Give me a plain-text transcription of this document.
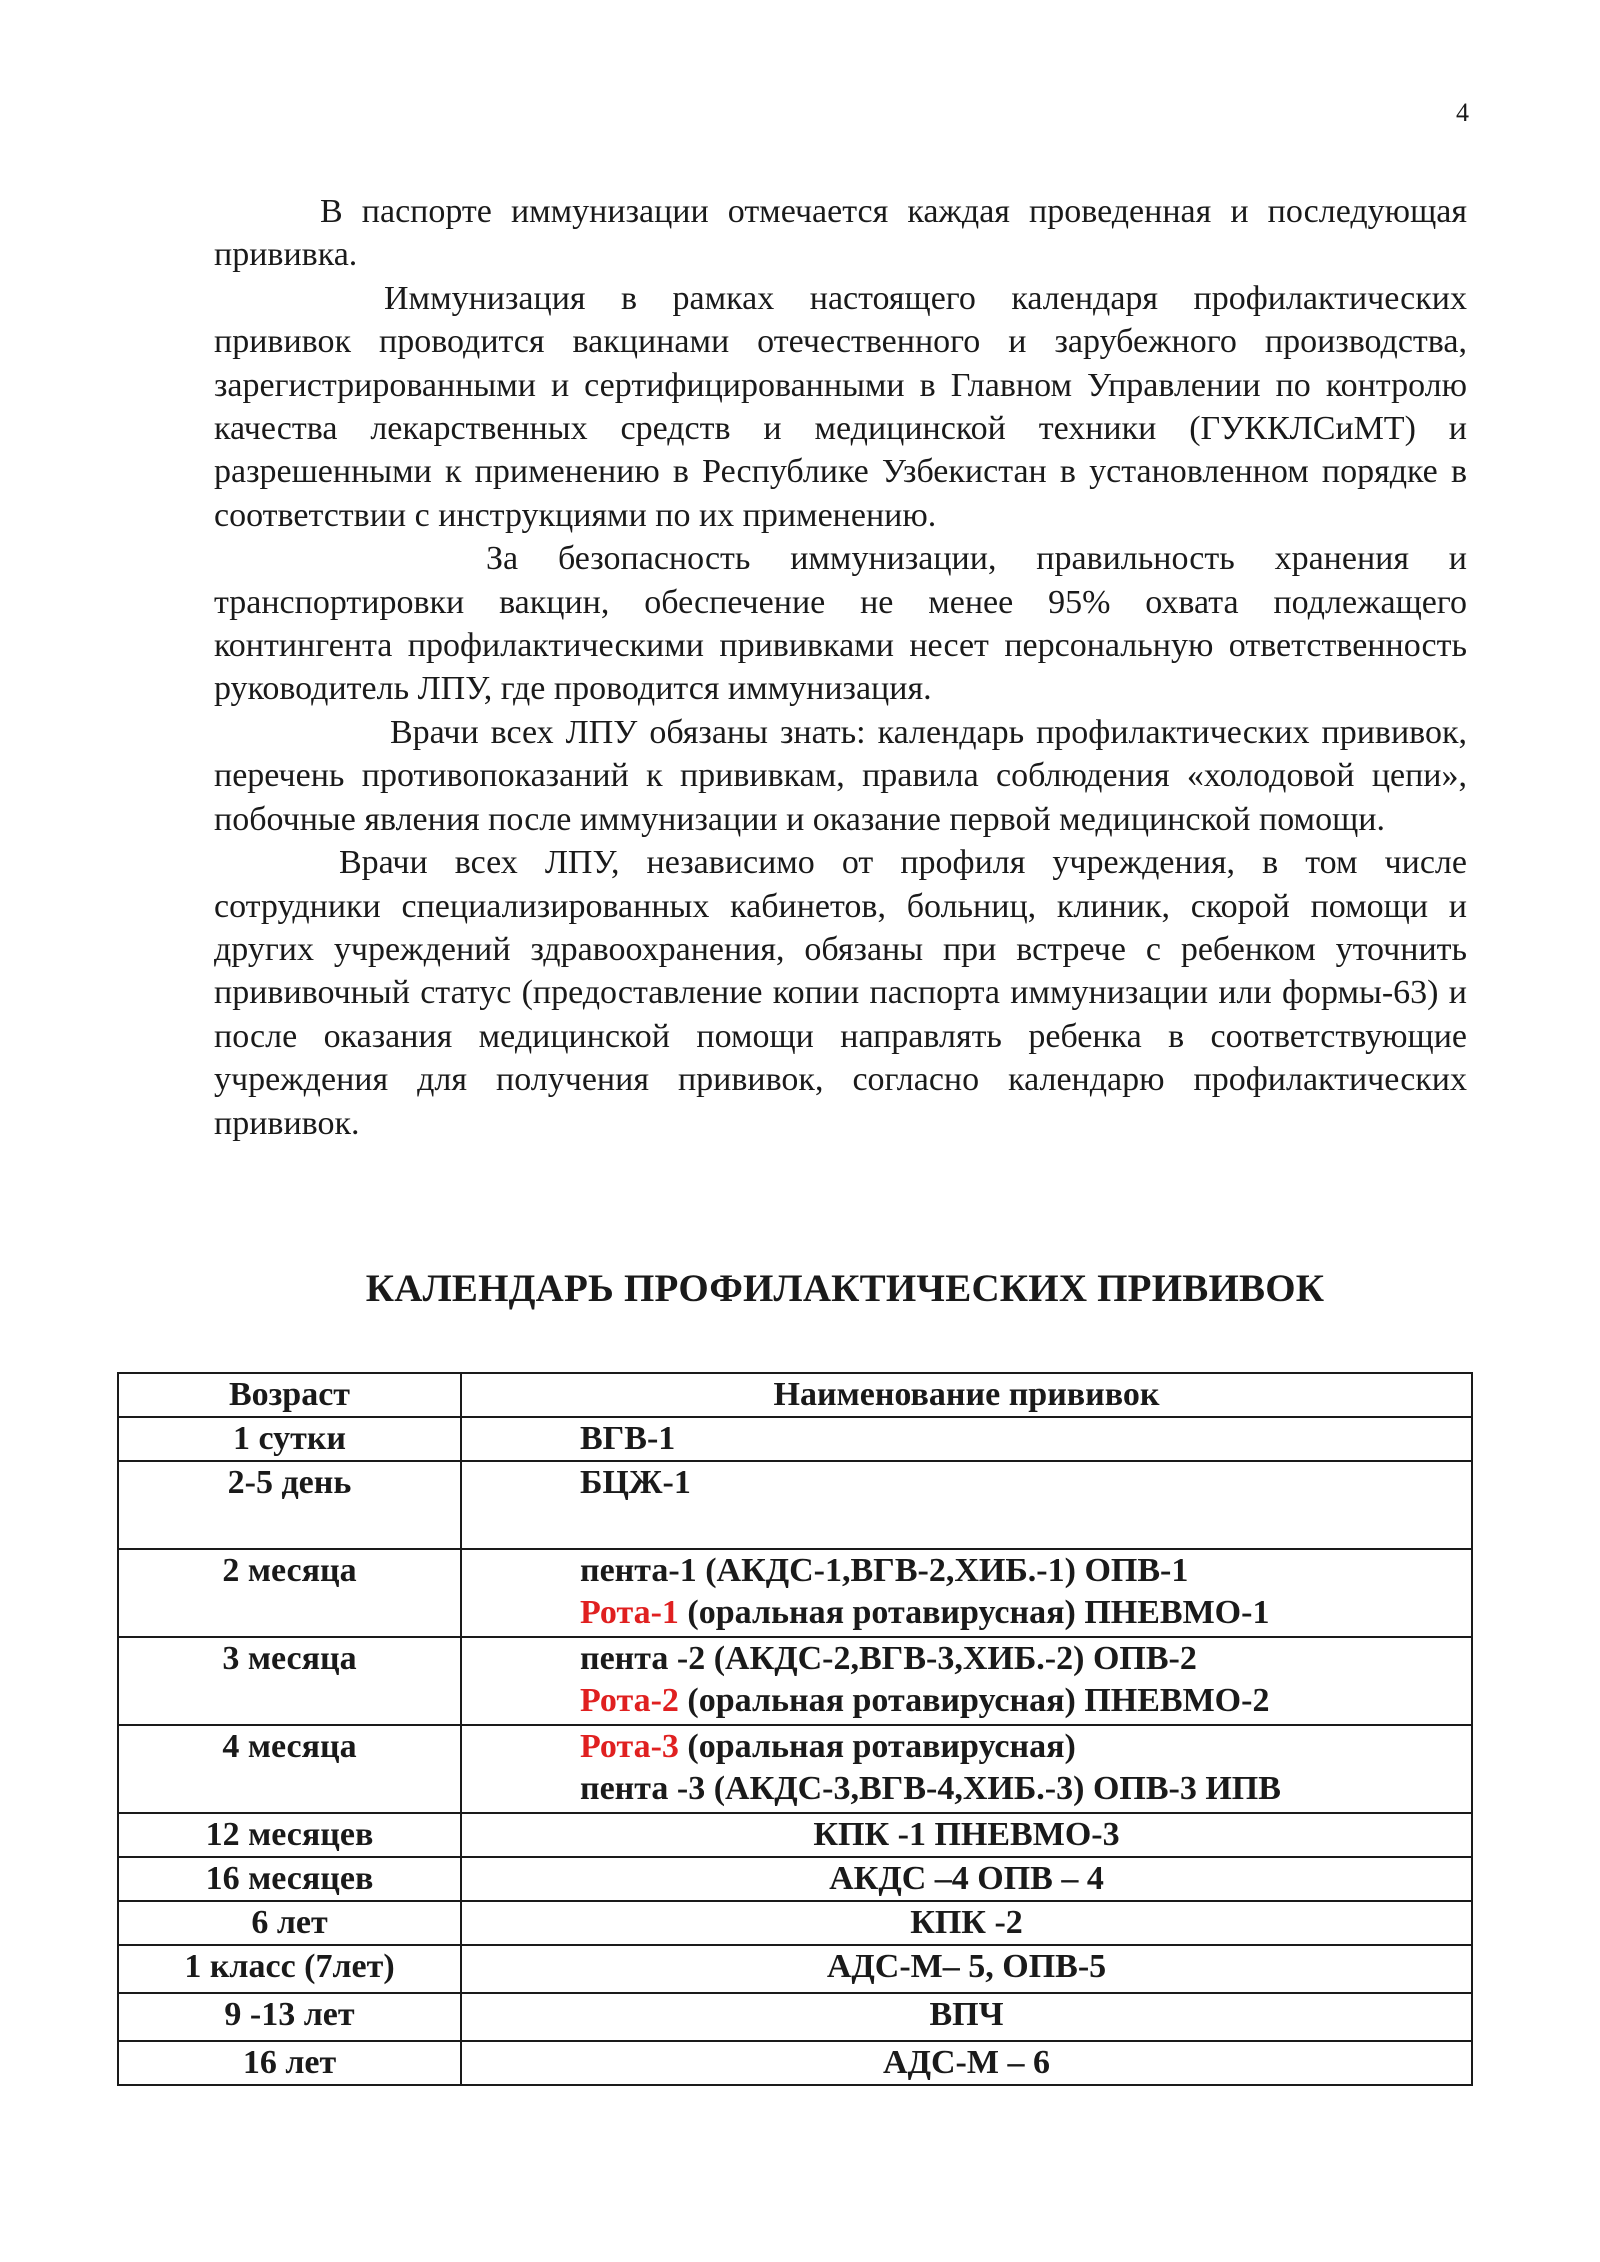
4

В паспорте иммунизации отмечается каждая проведенная и последующая прививка.

Иммунизация в рамках настоящего календаря профилактических прививок проводится вакцинами отечественного и зарубежного производства, зарегистрированными и сертифицированными в Главном Управлении по контролю качества лекарственных средств и медицинской техники (ГУККЛСиМТ) и разрешенными к применению в Республике Узбекистан в установленном порядке в соответствии с инструкциями по их применению.

За безопасность иммунизации, правильность хранения и транспортировки вакцин, обеспечение не менее 95% охвата подлежащего контингента профилактическими прививками несет персональную ответственность руководитель ЛПУ, где проводится иммунизация.

Врачи всех ЛПУ обязаны знать: календарь профилактических прививок, перечень противопоказаний к прививкам, правила соблюдения «холодовой цепи», побочные явления после иммунизации и оказание первой медицинской помощи.

Врачи всех ЛПУ, независимо от профиля учреждения, в том числе сотрудники специализированных кабинетов, больниц, клиник, скорой помощи и других учреждений здравоохранения, обязаны при встрече с ребенком уточнить прививочный статус (предоставление копии паспорта иммунизации или формы-63) и после оказания медицинской помощи направлять ребенка в соответствующие учреждения для получения прививок, согласно календарю профилактических прививок.

КАЛЕНДАРЬ ПРОФИЛАКТИЧЕСКИХ ПРИВИВОК
Возраст	Наименование прививок
1 сутки	ВГВ-1
2-5 день	БЦЖ-1
2 месяца	пента-1 (АКДС-1,ВГВ-2,ХИБ.-1) ОПВ-1
Рота-1 (оральная ротавирусная) ПНЕВМО-1

3 месяца	пента -2 (АКДС-2,ВГВ-3,ХИБ.-2) ОПВ-2
Рота-2 (оральная ротавирусная) ПНЕВМО-2

4 месяца	Рота-3 (оральная ротавирусная)
пента -3 (АКДС-3,ВГВ-4,ХИБ.-3) ОПВ-3 ИПВ

12 месяцев	КПК -1 ПНЕВМО-3
16 месяцев	АКДС –4 ОПВ – 4
6 лет	КПК -2
1 класс (7лет)	АДС-М– 5, ОПВ-5
9 -13 лет	ВПЧ
16 лет	АДС-М – 6
